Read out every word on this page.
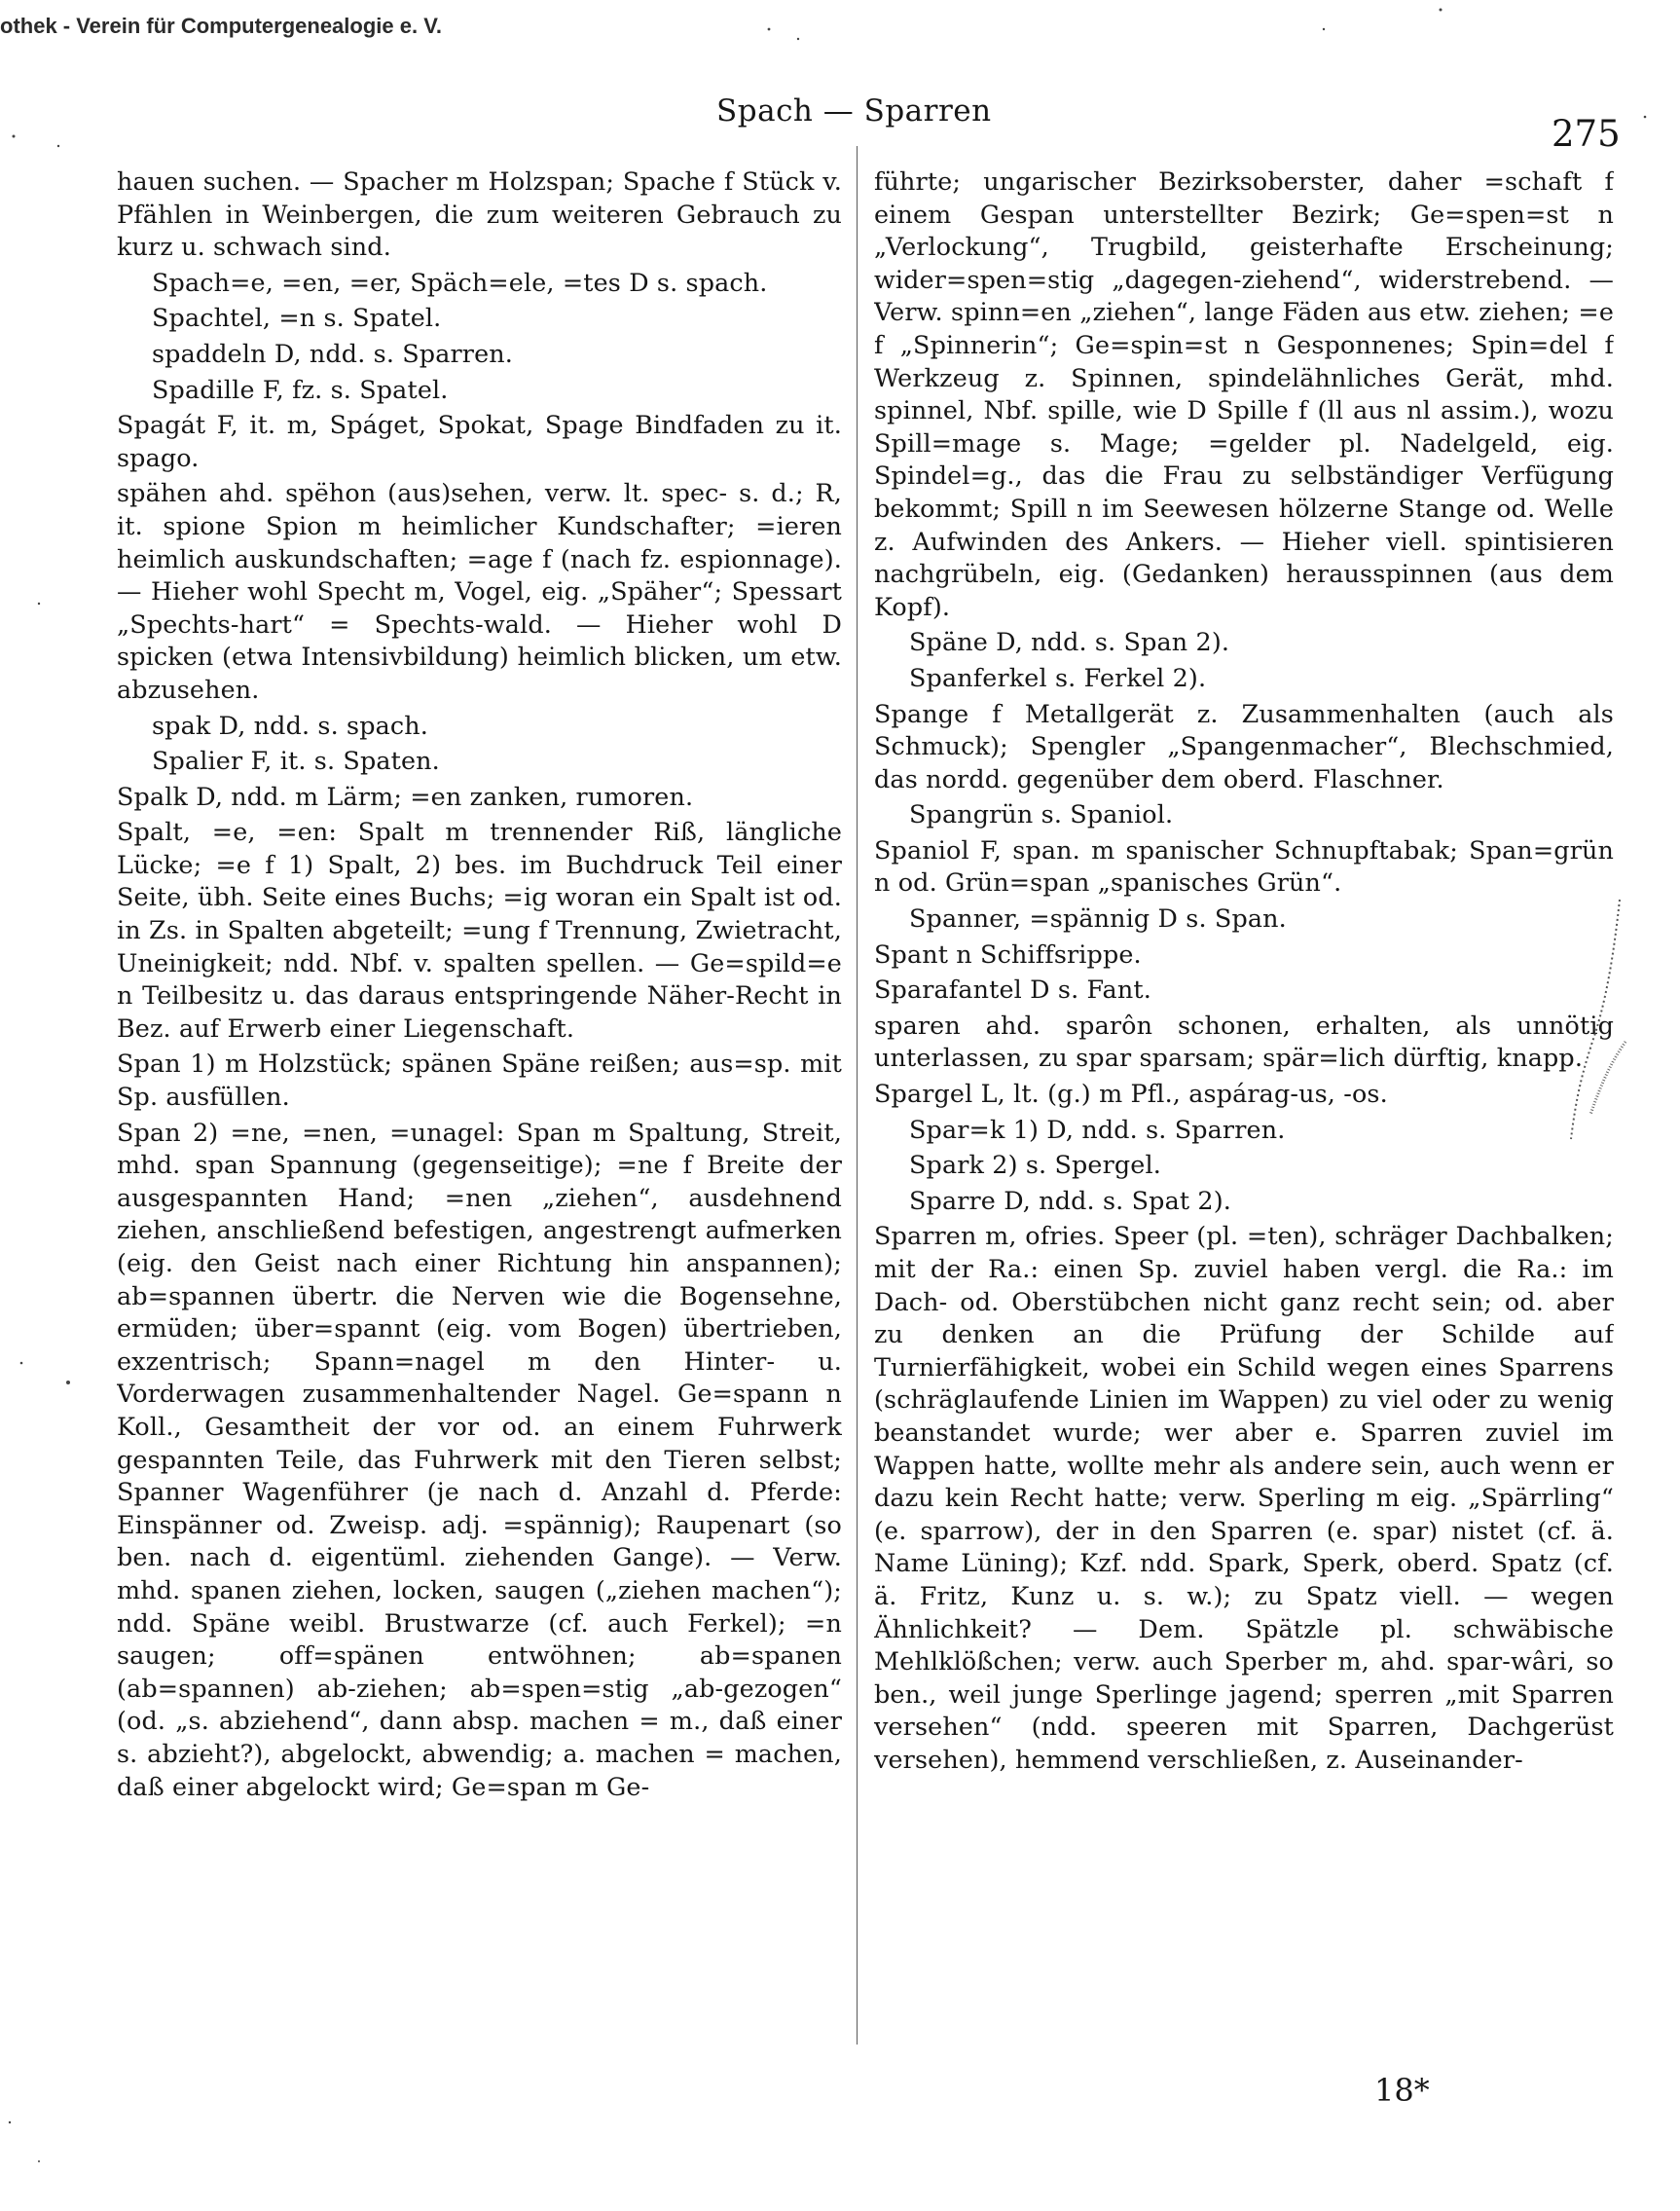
othek - Verein für Computergenealogie e. V.
Spach — Sparren
275

hauen suchen. — Spacher m Holzspan; Spache f Stück v. Pfählen in Weinbergen, die zum weiteren Gebrauch zu kurz u. schwach sind.

Spach=e, =en, =er, Späch=ele, =tes D s. spach.

Spachtel, =n s. Spatel.

spaddeln D, ndd. s. Sparren.

Spadille F, fz. s. Spatel.

Spagát F, it. m, Spáget, Spokat, Spage Bindfaden zu it. spago.

spähen ahd. spëhon (aus)sehen, verw. lt. spec- s. d.; R, it. spione Spion m heimlicher Kundschafter; =ieren heimlich auskundschaften; =age f (nach fz. espionnage). — Hieher wohl Specht m, Vogel, eig. „Späher“; Spessart „Spechts-hart“ = Spechts-wald. — Hieher wohl D spicken (etwa Intensivbildung) heimlich blicken, um etw. abzusehen.

spak D, ndd. s. spach.

Spalier F, it. s. Spaten.

Spalk D, ndd. m Lärm; =en zanken, rumoren.

Spalt, =e, =en: Spalt m trennender Riß, längliche Lücke; =e f 1) Spalt, 2) bes. im Buchdruck Teil einer Seite, übh. Seite eines Buchs; =ig woran ein Spalt ist od. in Zs. in Spalten abgeteilt; =ung f Trennung, Zwietracht, Uneinigkeit; ndd. Nbf. v. spalten spellen. — Ge=spild=e n Teilbesitz u. das daraus entspringende Näher-Recht in Bez. auf Erwerb einer Liegenschaft.

Span 1) m Holzstück; spänen Späne reißen; aus=sp. mit Sp. ausfüllen.

Span 2) =ne, =nen, =unagel: Span m Spaltung, Streit, mhd. span Spannung (gegenseitige); =ne f Breite der ausgespannten Hand; =nen „ziehen“, ausdehnend ziehen, anschließend befestigen, angestrengt aufmerken (eig. den Geist nach einer Richtung hin anspannen); ab=spannen übertr. die Nerven wie die Bogensehne, ermüden; über=spannt (eig. vom Bogen) übertrieben, exzentrisch; Spann=nagel m den Hinter- u. Vorderwagen zusammenhaltender Nagel. Ge=spann n Koll., Gesamtheit der vor od. an einem Fuhrwerk gespannten Teile, das Fuhrwerk mit den Tieren selbst; Spanner Wagenführer (je nach d. Anzahl d. Pferde: Einspänner od. Zweisp. adj. =spännig); Raupenart (so ben. nach d. eigentüml. ziehenden Gange). — Verw. mhd. spanen ziehen, locken, saugen („ziehen machen“); ndd. Späne weibl. Brustwarze (cf. auch Ferkel); =n saugen; off=spänen entwöhnen; ab=spanen (ab=spannen) ab-ziehen; ab=spen=stig „ab-gezogen“ (od. „s. abziehend“, dann absp. machen = m., daß einer s. abzieht?), abgelockt, abwendig; a. machen = machen, daß einer abgelockt wird; Ge=span m Ge-

führte; ungarischer Bezirksoberster, daher =schaft f einem Gespan unterstellter Bezirk; Ge=spen=st n „Verlockung“, Trugbild, geisterhafte Erscheinung; wider=spen=stig „dagegen-ziehend“, widerstrebend. — Verw. spinn=en „ziehen“, lange Fäden aus etw. ziehen; =e f „Spinnerin“; Ge=spin=st n Gesponnenes; Spin=del f Werkzeug z. Spinnen, spindelähnliches Gerät, mhd. spinnel, Nbf. spille, wie D Spille f (ll aus nl assim.), wozu Spill=mage s. Mage; =gelder pl. Nadelgeld, eig. Spindel=g., das die Frau zu selbständiger Verfügung bekommt; Spill n im Seewesen hölzerne Stange od. Welle z. Aufwinden des Ankers. — Hieher viell. spintisieren nachgrübeln, eig. (Gedanken) herausspinnen (aus dem Kopf).

Späne D, ndd. s. Span 2).

Spanferkel s. Ferkel 2).

Spange f Metallgerät z. Zusammenhalten (auch als Schmuck); Spengler „Spangenmacher“, Blechschmied, das nordd. gegenüber dem oberd. Flaschner.

Spangrün s. Spaniol.

Spaniol F, span. m spanischer Schnupftabak; Span=grün n od. Grün=span „spanisches Grün“.

Spanner, =spännig D s. Span.

Spant n Schiffsrippe.

Sparafantel D s. Fant.

sparen ahd. sparôn schonen, erhalten, als unnötig unterlassen, zu spar sparsam; spär=lich dürftig, knapp.

Spargel L, lt. (g.) m Pfl., aspárag-us, -os.

Spar=k 1) D, ndd. s. Sparren.

Spark 2) s. Spergel.

Sparre D, ndd. s. Spat 2).

Sparren m, ofries. Speer (pl. =ten), schräger Dachbalken; mit der Ra.: einen Sp. zuviel haben vergl. die Ra.: im Dach- od. Oberstübchen nicht ganz recht sein; od. aber zu denken an die Prüfung der Schilde auf Turnierfähigkeit, wobei ein Schild wegen eines Sparrens (schräglaufende Linien im Wappen) zu viel oder zu wenig beanstandet wurde; wer aber e. Sparren zuviel im Wappen hatte, wollte mehr als andere sein, auch wenn er dazu kein Recht hatte; verw. Sperling m eig. „Spärrling“ (e. sparrow), der in den Sparren (e. spar) nistet (cf. ä. Name Lüning); Kzf. ndd. Spark, Sperk, oberd. Spatz (cf. ä. Fritz, Kunz u. s. w.); zu Spatz viell. — wegen Ähnlichkeit? — Dem. Spätzle pl. schwäbische Mehlklößchen; verw. auch Sperber m, ahd. spar-wâri, so ben., weil junge Sperlinge jagend; sperren „mit Sparren versehen“ (ndd. speeren mit Sparren, Dachgerüst versehen), hemmend verschließen, z. Auseinander-

18*
